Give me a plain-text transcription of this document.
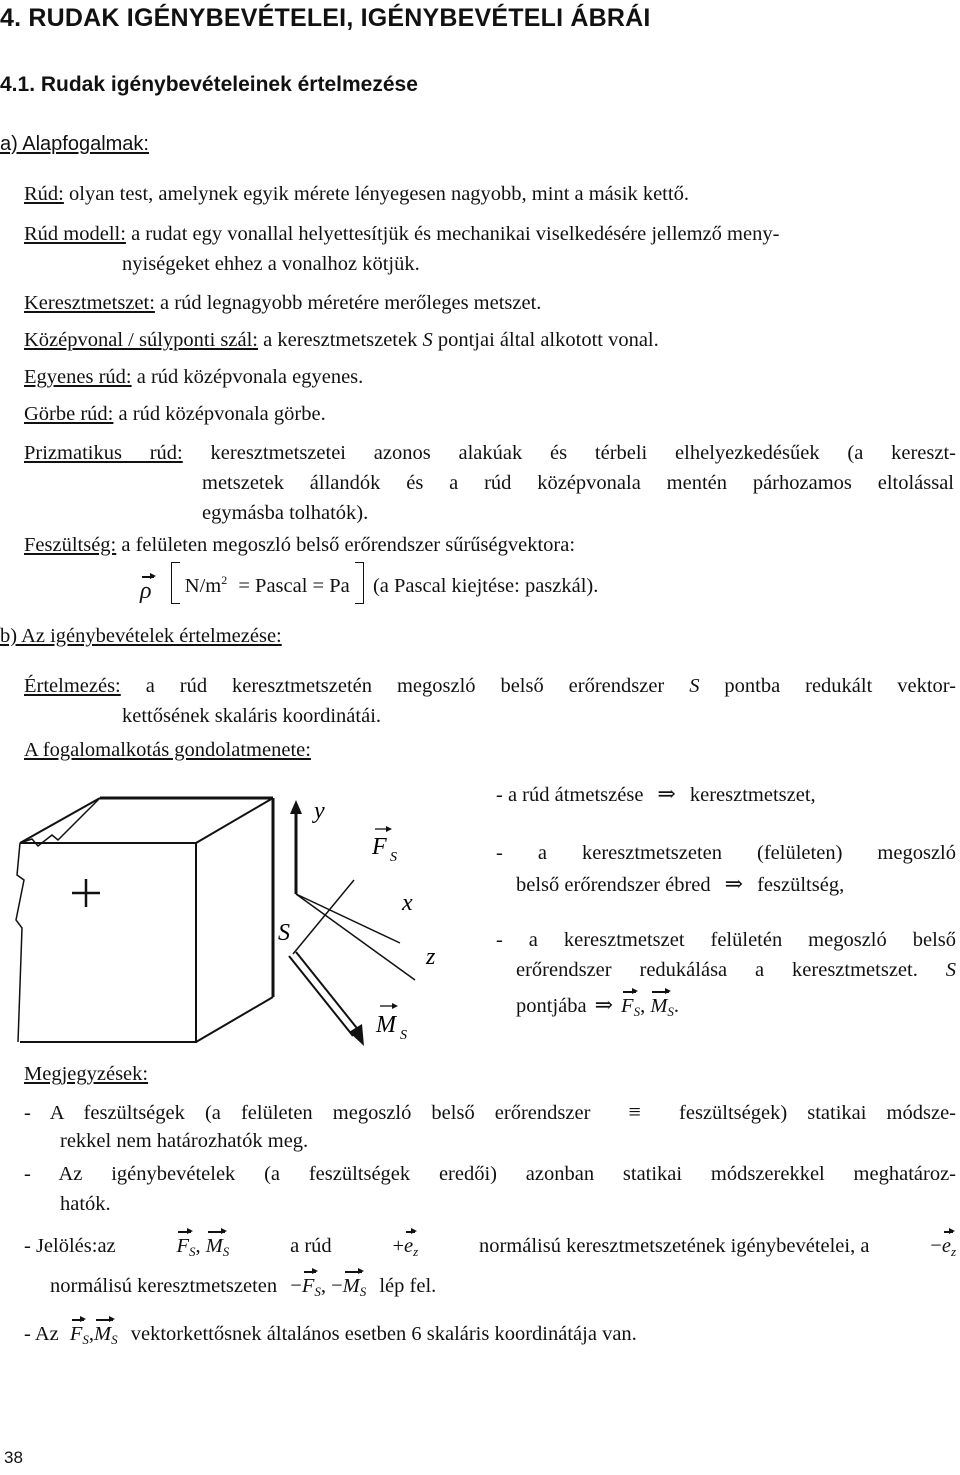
4. RUDAK IGÉNYBEVÉTELEI, IGÉNYBEVÉTELI ÁBRÁI
4.1. Rudak igénybevételeinek értelmezése
a) Alapfogalmak:
Rúd: olyan test, amelynek egyik mérete lényegesen nagyobb, mint a másik kettő.
Rúd modell: a rudat egy vonallal helyettesítjük és mechanikai viselkedésére jellemző meny-
nyiségeket ehhez a vonalhoz kötjük.
Keresztmetszet: a rúd legnagyobb méretére merőleges metszet.
Középvonal / súlyponti szál: a keresztmetszetek S pontjai által alkotott vonal.
Egyenes rúd: a rúd középvonala egyenes.
Görbe rúd: a rúd középvonala görbe.
Prizmatikus rúd: keresztmetszetei azonos alakúak és térbeli elhelyezkedésűek (a kereszt-
metszetek állandók és a rúd középvonala mentén párhozamos eltolással
egymásba tolhatók).
Feszültség: a felületen megoszló belső erőrendszer sűrűségvektora:
ρ $N/m^2$ = Pascal = Pa (a Pascal kiejtése: paszkál).
b) Az igénybevételek értelmezése:
Értelmezés: a rúd keresztmetszetén megoszló belső erőrendszer S pontba redukált vektor-
kettősének skaláris koordinátái.
A fogalomalkotás gondolatmenete:
y
x
z
S
F S
M S
- a rúd átmetszése ⇒ keresztmetszet,
- a keresztmetszeten (felületen) megoszló
belső erőrendszer ébred ⇒ feszültség,
- a keresztmetszet felületén megoszló belső
erőrendszer redukálása a keresztmetszet. S
pontjába ⇒ $F_S$, $M_S$.
Megjegyzések:
- A feszültségek (a felületen megoszló belső erőrendszer ≡ feszültségek) statikai módsze-
rekkel nem határozhatók meg.
- Az igénybevételek (a feszültségek eredői) azonban statikai módszerekkel meghatároz-
hatók.
- Jelölés:az	$F_S$, $M_S$	a rúd	$+e_z$	normálisú keresztmetszetének igénybevételei, a	$-e_z$
normálisú keresztmetszeten $-F_S$, $-M_S$ lép fel.
- Az $F_S,M_S$ vektorkettősnek általános esetben 6 skaláris koordinátája van.
38
